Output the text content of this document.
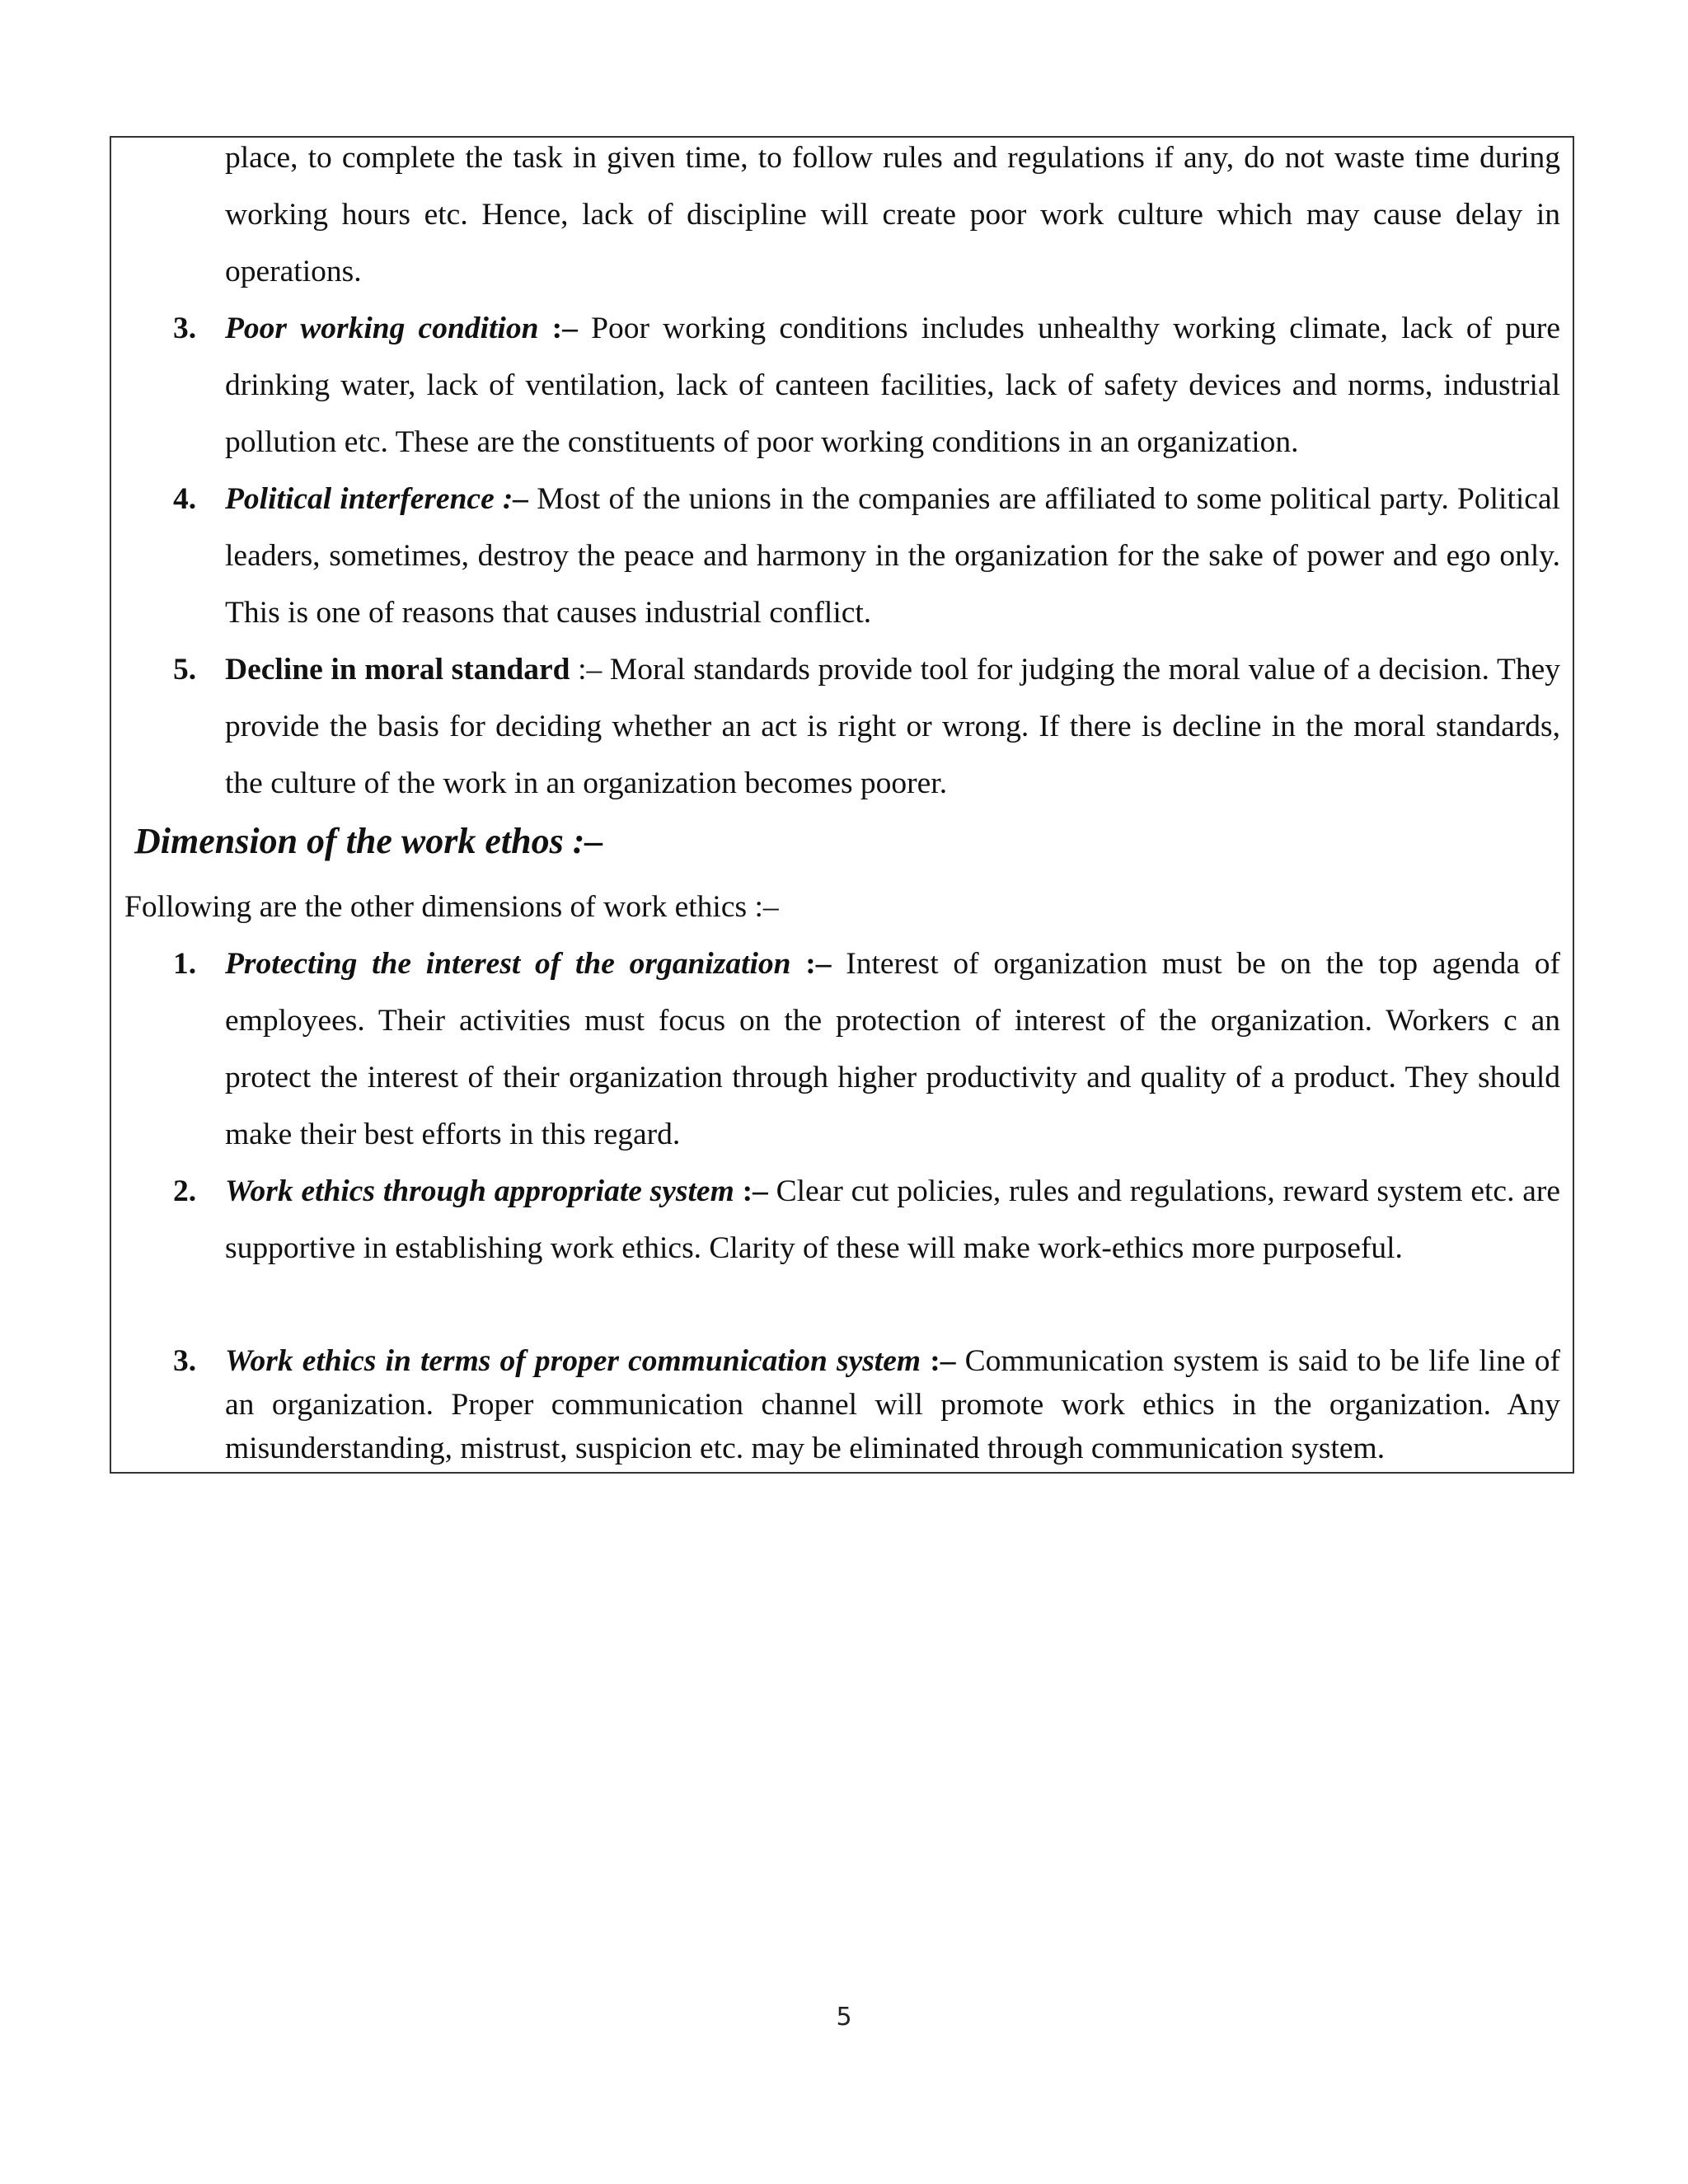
place, to complete the task in given time, to follow rules and regulations if any, do not waste time during working hours etc. Hence, lack of discipline will create poor work culture which may cause delay in operations.

3. Poor working condition :– Poor working conditions includes unhealthy working climate, lack of pure drinking water, lack of ventilation, lack of canteen facilities, lack of safety devices and norms, industrial pollution etc. These are the constituents of poor working conditions in an organization.
4. Political interference :– Most of the unions in the companies are affiliated to some political party. Political leaders, sometimes, destroy the peace and harmony in the organization for the sake of power and ego only. This is one of reasons that causes industrial conflict.
5. Decline in moral standard :– Moral standards provide tool for judging the moral value of a decision. They provide the basis for deciding whether an act is right or wrong. If there is decline in the moral standards, the culture of the work in an organization becomes poorer.
Dimension of the work ethos :–
Following are the other dimensions of work ethics :–
1. Protecting the interest of the organization :– Interest of organization must be on the top agenda of employees. Their activities must focus on the protection of interest of the organization. Workers c an protect the interest of their organization through higher productivity and quality of a product. They should make their best efforts in this regard.
2. Work ethics through appropriate system :– Clear cut policies, rules and regulations, reward system etc. are supportive in establishing work ethics. Clarity of these will make work-ethics more purposeful.
3. Work ethics in terms of proper communication system :– Communication system is said to be life line of an organization. Proper communication channel will promote work ethics in the organization. Any misunderstanding, mistrust, suspicion etc. may be eliminated through communication system.
5
